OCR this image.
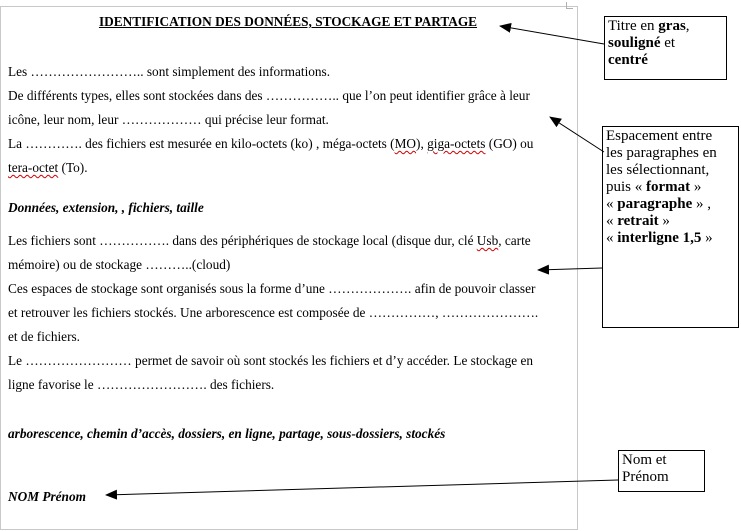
IDENTIFICATION DES DONNÉES, STOCKAGE ET PARTAGE
Les …………………….. sont simplement des informations.
De différents types, elles sont stockées dans des …………….. que l’on peut identifier grâce à leur
icône, leur nom, leur ……………… qui précise leur format.
La …………. des fichiers est mesurée en kilo-octets (ko) , méga-octets (MO), giga-octets (GO) ou
tera-octet (To).
Données, extension, , fichiers, taille
Les fichiers sont ……………. dans des périphériques de stockage local (disque dur, clé Usb, carte
mémoire) ou de stockage ………..(cloud)
Ces espaces de stockage sont organisés sous la forme d’une ………………. afin de pouvoir classer
et retrouver les fichiers stockés. Une arborescence est composée de ……………, ………………….
et de fichiers.
Le …………………… permet de savoir où sont stockés les fichiers et d’y accéder. Le stockage en
ligne favorise le ……………………. des fichiers.
arborescence, chemin d’accès, dossiers, en ligne, partage, sous-dossiers, stockés
NOM Prénom
Titre en gras,
souligné et
centré
Espacement entre
les paragraphes en
les sélectionnant,
puis « format »
« paragraphe » ,
« retrait »
« interligne 1,5 »
Nom et
Prénom
